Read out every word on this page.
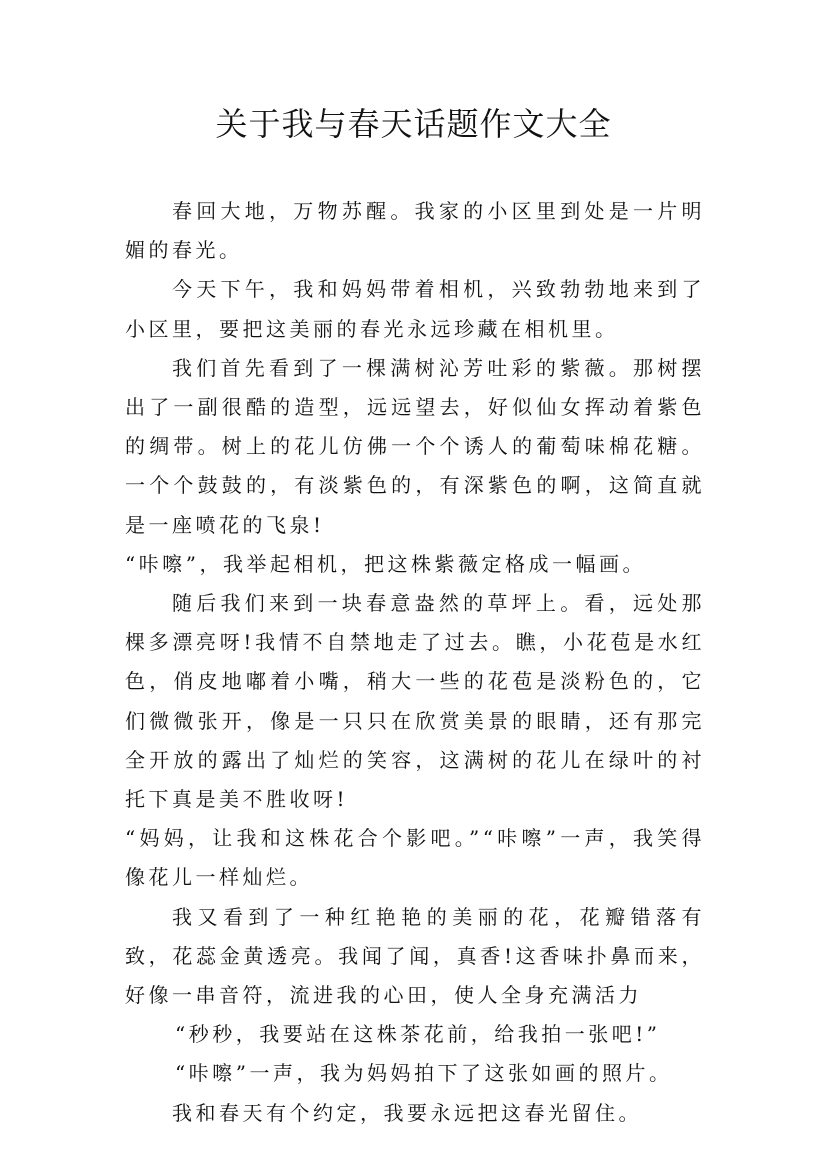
关于我与春天话题作文大全

春回大地，万物苏醒。我家的小区里到处是一片明媚的春光。

今天下午，我和妈妈带着相机，兴致勃勃地来到了小区里，要把这美丽的春光永远珍藏在相机里。

我们首先看到了一棵满树沁芳吐彩的紫薇。那树摆出了一副很酷的造型，远远望去，好似仙女挥动着紫色的绸带。树上的花儿仿佛一个个诱人的葡萄味棉花糖。一个个鼓鼓的，有淡紫色的，有深紫色的啊，这简直就是一座喷花的飞泉!

“咔嚓”，我举起相机，把这株紫薇定格成一幅画。

随后我们来到一块春意盎然的草坪上。看，远处那棵多漂亮呀!我情不自禁地走了过去。瞧，小花苞是水红色，俏皮地嘟着小嘴，稍大一些的花苞是淡粉色的，它们微微张开，像是一只只在欣赏美景的眼睛，还有那完全开放的露出了灿烂的笑容，这满树的花儿在绿叶的衬托下真是美不胜收呀!

“妈妈，让我和这株花合个影吧。”“咔嚓”一声，我笑得像花儿一样灿烂。

我又看到了一种红艳艳的美丽的花，花瓣错落有致，花蕊金黄透亮。我闻了闻，真香!这香味扑鼻而来，好像一串音符，流进我的心田，使人全身充满活力

“秒秒，我要站在这株茶花前，给我拍一张吧!”

“咔嚓”一声，我为妈妈拍下了这张如画的照片。

我和春天有个约定，我要永远把这春光留住。
